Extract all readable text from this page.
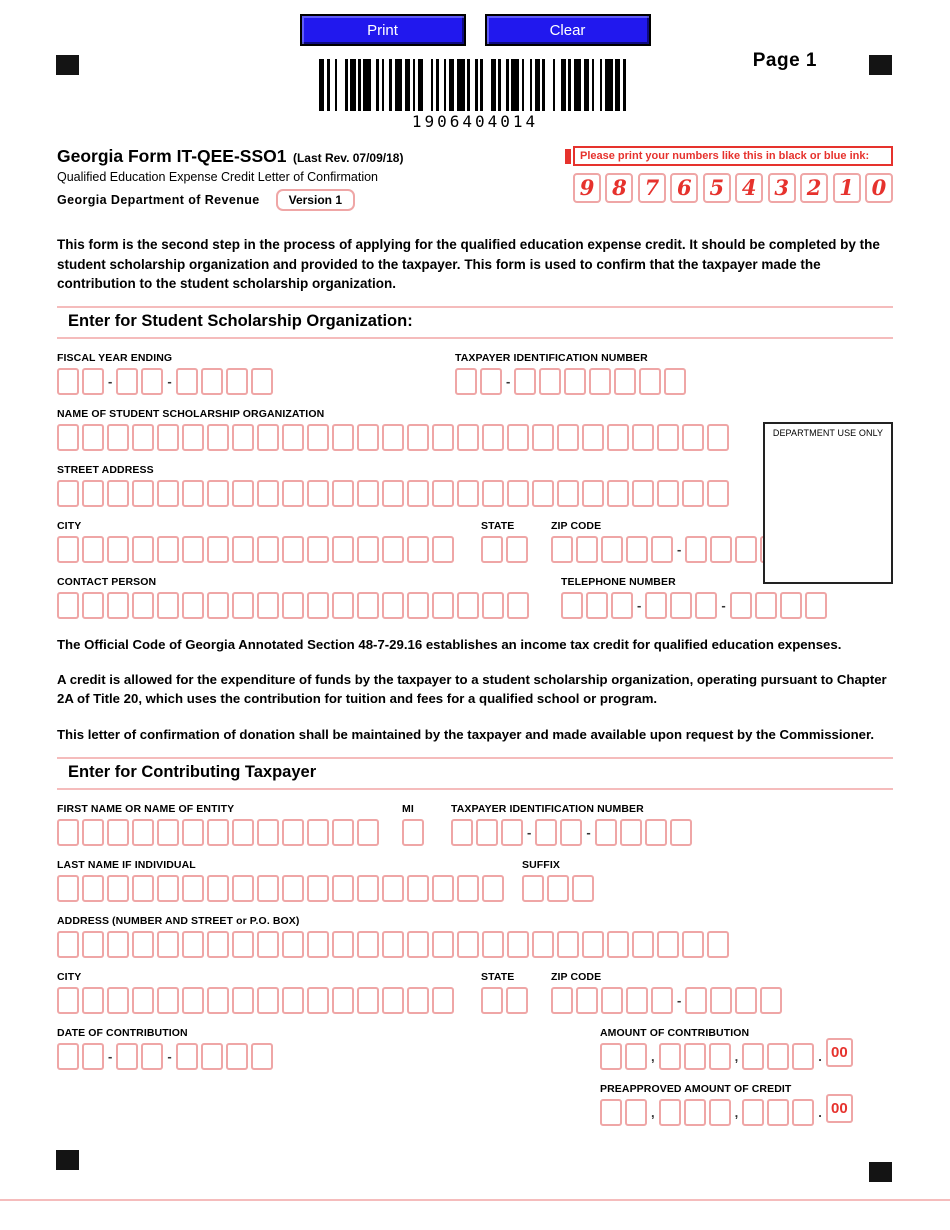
Print	Clear
Page 1
1906404014
Georgia Form IT-QEE-SSO1 (Last Rev. 07/09/18)
Qualified Education Expense Credit Letter of Confirmation
Georgia Department of Revenue	Version 1
Please print your numbers like this in black or blue ink:
9 8 7 6 5 4 3 2 1 0
This form is the second step in the process of applying for the qualified education expense credit. It should be completed by the student scholarship organization and provided to the taxpayer. This form is used to confirm that the taxpayer made the contribution to the student scholarship organization.
Enter for Student Scholarship Organization:
DEPARTMENT USE ONLY
FISCAL YEAR ENDING
-	-
TAXPAYER IDENTIFICATION NUMBER
-
NAME OF STUDENT SCHOLARSHIP ORGANIZATION
STREET ADDRESS
CITY	STATE	ZIP CODE
-
CONTACT PERSON	TELEPHONE NUMBER
-	-

The Official Code of Georgia Annotated Section 48-7-29.16 establishes an income tax credit for qualified education expenses.

A credit is allowed for the expenditure of funds by the taxpayer to a student scholarship organization, operating pursuant to Chapter 2A of Title 20, which uses the contribution for tuition and fees for a qualified school or program.

This letter of confirmation of donation shall be maintained by the taxpayer and made available upon request by the Commissioner.

Enter for Contributing Taxpayer
FIRST NAME OR NAME OF ENTITY	MI	TAXPAYER IDENTIFICATION NUMBER
-	-
LAST NAME IF INDIVIDUAL	SUFFIX
ADDRESS (NUMBER AND STREET or P.O. BOX)
CITY	STATE	ZIP CODE
-
DATE OF CONTRIBUTION
-	-
AMOUNT OF CONTRIBUTION
,	,	. 00
PREAPPROVED AMOUNT OF CREDIT
,	,	. 00
